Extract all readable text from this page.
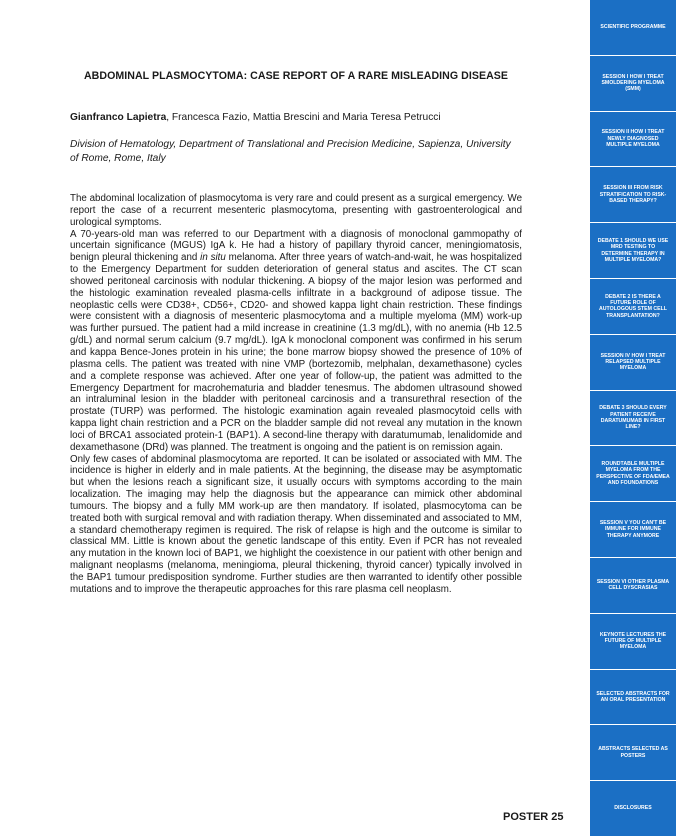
ABDOMINAL PLASMOCYTOMA: CASE REPORT OF A RARE MISLEADING DISEASE
Gianfranco Lapietra, Francesca Fazio, Mattia Brescini and Maria Teresa Petrucci
Division of Hematology, Department of Translational and Precision Medicine, Sapienza, University of Rome, Rome, Italy

The abdominal localization of plasmocytoma is very rare and could present as a surgical emergency. We report the case of a recurrent mesenteric plasmocytoma, presenting with gastroenterological and urological symptoms.

A 70-years-old man was referred to our Department with a diagnosis of monoclonal gammopathy of uncertain significance (MGUS) IgA k. He had a history of papillary thyroid cancer, meningiomatosis, benign pleural thickening and in situ melanoma. After three years of watch-and-wait, he was hospitalized to the Emergency Department for sudden deterioration of general status and ascites. The CT scan showed peritoneal carcinosis with nodular thickening. A biopsy of the major lesion was performed and the histologic examination revealed plasma-cells infiltrate in a background of adipose tissue. The neoplastic cells were CD38+, CD56+, CD20- and showed kappa light chain restriction. These findings were consistent with a diagnosis of mesenteric plasmocytoma and a multiple myeloma (MM) work-up was further pursued. The patient had a mild increase in creatinine (1.3 mg/dL), with no anemia (Hb 12.5 g/dL) and normal serum calcium (9.7 mg/dL). IgA k monoclonal component was confirmed in his serum and kappa Bence-Jones protein in his urine; the bone marrow biopsy showed the presence of 10% of plasma cells. The patient was treated with nine VMP (bortezomib, melphalan, dexamethasone) cycles and a complete response was achieved. After one year of follow-up, the patient was admitted to the Emergency Department for macrohematuria and bladder tenesmus. The abdomen ultrasound showed an intraluminal lesion in the bladder with peritoneal carcinosis and a transurethral resection of the prostate (TURP) was performed. The histologic examination again revealed plasmocytoid cells with kappa light chain restriction and a PCR on the bladder sample did not reveal any mutation in the known loci of BRCA1 associated protein-1 (BAP1). A second-line therapy with daratumumab, lenalidomide and dexamethasone (DRd) was planned. The treatment is ongoing and the patient is on remission again.

Only few cases of abdominal plasmocytoma are reported. It can be isolated or associated with MM. The incidence is higher in elderly and in male patients. At the beginning, the disease may be asymptomatic but when the lesions reach a significant size, it usually occurs with symptoms according to the main localization. The imaging may help the diagnosis but the appearance can mimick other abdominal tumours. The biopsy and a fully MM work-up are then mandatory. If isolated, plasmocytoma can be treated both with surgical removal and with radiation therapy. When disseminated and associated to MM, a standard chemotherapy regimen is required. The risk of relapse is high and the outcome is similar to classical MM. Little is known about the genetic landscape of this entity. Even if PCR has not revealed any mutation in the known loci of BAP1, we highlight the coexistence in our patient with other benign and malignant neoplasms (melanoma, meningioma, pleural thickening, thyroid cancer) typically involved in the BAP1 tumour predisposition syndrome. Further studies are then warranted to identify other possible mutations and to improve the therapeutic approaches for this rare plasma cell neoplasm.

POSTER 25
SCIENTIFIC PROGRAMME
SESSION I HOW I TREAT SMOLDERING MYELOMA (SMM)
SESSION II HOW I TREAT NEWLY DIAGNOSED MULTIPLE MYELOMA
SESSION III FROM RISK STRATIFICATION TO RISK-BASED THERAPY?
DEBATE 1 SHOULD WE USE MRD TESTING TO DETERMINE THERAPY IN MULTIPLE MYELOMA?
DEBATE 2 IS THERE A FUTURE ROLE OF AUTOLOGOUS STEM CELL TRANSPLANTATION?
SESSION IV HOW I TREAT RELAPSED MULTIPLE MYELOMA
DEBATE 3 SHOULD EVERY PATIENT RECEIVE DARATUMUMAB IN FIRST LINE?
ROUNDTABLE MULTIPLE MYELOMA FROM THE PERSPECTIVE OF FDA/EMEA AND FOUNDATIONS
SESSION V YOU CAN'T BE IMMUNE FOR IMMUNE THERAPY ANYMORE
SESSION VI OTHER PLASMA CELL DYSCRASIAS
KEYNOTE LECTURES THE FUTURE OF MULTIPLE MYELOMA
SELECTED ABSTRACTS FOR AN ORAL PRESENTATION
ABSTRACTS SELECTED AS POSTERS
DISCLOSURES
